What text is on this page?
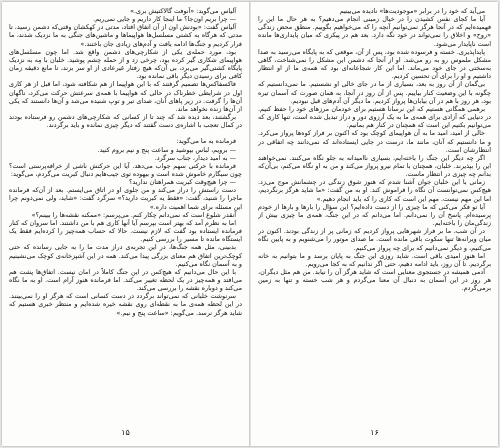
آلیاس می‌گوید: «آنوفت گالاکتیش بری.»

— چرا بریم اون‌جا؟ ما اینجا کار داریم و جایی نمی‌ریم.

آلیاس گفت: «بودنش اون از آن اتفاق افتاد، مدتی در کهکشان وقتی‌که دشمن رسید، تا مدتی که هرگاه به کشتی مسلسل‌ها هواپیماها و ماشین‌های جنگی به ما نزدیک شدند، ما فرار کردیم و جنگ‌ها ادامه یافت و آدم‌های زیادی جان باختند.»

بود، مورد حمله‌ی یکی از شکارچی‌های دشمن واقع شد. اما چون مسلسل‌های هواپیمای شکاری گیر کرده بود، چرخی زد و از حمله چشم پوشید. خلبان با مِه به نزدیک پایگاه کشتی‌گیر می‌برد، بی آن‌که هیچ رفتار غیرعادی از او سر بزند، تا مانع دقیقه زمان کافی برای رسیدن دیگر باقی نمانده بود.

فاکسفاکس‌ها تصمیم گرفتند که با این هواپیما از هم شکافته شود، اما قبل از هر کاری اول در شرایطی خطرناک در حالی که هواپیما با همه‌ی سرعتش حرکت می‌کرد، ناگهان آن‌ها را گرفت. در زیر پاهای آنان، صدای تیر و توپ شنیده می‌شد و آن‌ها دانستند که یکی از آن‌ها زنده نخواهد ماند.

برگشتند، بعد دیده شد که چند تا از کسانی که شکارچی‌های دشمن رو فرستاده بودند در کمال تعجب با اشاره‌ی دست گفتند که دیگر چیزی نمانده و باید برگردند.

فرمانده به ما می‌گوید:

— برویم، لباس بپوشید و ساعت پنج و نیم بروم کنید.

— به امید دیدار، جناب سرگرد.

فرمانده با حرکتی سهم جواب می‌دهد. آیا این حرکتش ناشی از خرافه‌پرستی است؟ چون سیگارم خاموش شده است و بیهوده توی جیب‌هایم دنبال کبریت می‌گردم، می‌گوید:

— چرا هیچ‌وقت کبریت همراهتان ندارید؟

دست راستش را دراز می‌کند و من جلوی او در اتاق می‌ایستم. بعد از آن‌که فرمانده ماجرا را شنید، گفت: «فقط یه کبریت دارید؟» سرگرد گفت: «شاید، ولی نمی‌دونم چرا این مسئله برای شما اهمیت داره.»

آنقدر شلوغ است که نمی‌دانم چکار کنم. می‌پرسم: «ممکنه نقشه‌ها را ببینم؟»

اما به نظرم آمد که بهتر است بپرسم آیا آنها کاری هم با من داشتند. اما سروان که کنار فرمانده ایستاده بود گفت که لازم نیست. حالا که حساب همه‌چیز را کرده‌ایم فقط یک ایستگاه مانده تا مسیر را بررسی کنیم.

بدبینی، مثل همه جنگ‌ها، در این تجربه‌ی دراز مدت ما را به جایی رسانده که حتی کوچک‌ترین اتفاق هم معنای بزرگی پیدا می‌کند. همه در این آشپزخانه‌ی کوچک می‌نشینیم و به آسمان نگاه می‌کنیم.

با این حال می‌دانیم که هیچ‌کس در این جنگ کاملاً در امان نیست. اتفاق‌ها پشت هم می‌افتد و همه‌چیز در یک لحظه تغییر می‌کند. اما فرمانده هنوز آرام است. او به ما نگاه می‌کند و دوباره نقشه را بررسی می‌کند.

سرنوشت خلبانی که نمی‌تواند برگردد در دست کسانی است که هرگز او را نمی‌بینند. در این لحظه همه‌ی ما به نقطه‌ای روی نقشه خیره شده‌ایم و منتظر خبری هستیم که شاید هرگز نرسد. می‌گویم: «ساعت پنج و نیم.»

۱۵

می‌آید که خود را در برابر «موجودیت‌ها» نادیده می‌بینیم

آیا ما کجای نفس کشیدن را در خیال زمینی انجام می‌دهیم؟ به هر حال ما این را فهمیده‌ایم که در آنجا هرگز نمی‌توانیم آنچه را که می‌خواهیم بگوییم. منطق محض زندگی «روح» و اخلاق را نمی‌تواند در خود نگه دارد. بعد هم در پیکری که میان پایداری‌ها مانده است ناپایدار می‌شود.

پایداپذیری. خسته و فرسوده شده بود، پس از آن، موقعی که به پایگاه می‌رسید به صدا مشکل ملموس رو به رو می‌شد. او از آنجا که دشمن این مشکل را نمی‌شناخت، گاهی به‌سختی در جای خود می‌ماند. اما این کار شجاعانه‌ای بود که همه‌ی ما از او انتظار داشتیم و او را برای آن تحسین کردیم.

بی‌گمان از آن روز به بعد، بسیاری از ما در جای خالی او نشستیم. ما نمی‌دانستیم که چگونه با این وضعیت کنار بیاییم. پس از آن روز در آنجا، به همان صورت که آسمان تیره بود، هر روز با هم در آن بیابان‌ها پرواز کردیم. ما دیگر آن آدم‌های قبل نبودیم.

برهمی همگانی هستیم که این نرسانا هستیم برای خودمان مرزهای خود را حفظ کنیم. در دنیایی که آزادی برای همه‌ی ما به یک آرزوی دور و دراز تبدیل شده است، تنها کاری که می‌توانیم بکنیم این است که همچنان در کنار هم بمانیم.

خالی از امید، امید ما به آن هواپیمای کوچک بود که اکنون بر فراز کوه‌ها پرواز می‌کرد. و ما دانستیم که آنان، مانند ما، درست در جایی ایستاده‌اند که نمی‌دانند چه اتفاقی در انتظارشان است.

اگر چه دیگر این جنگ را باخته‌ایم، بسیاری ناامیدانه به جلو نگاه می‌کنند. نمی‌خواهند این را بپذیرند. خلبان، همچنان با تمام نیرو پرواز می‌کند و من به او نگاه می‌کنم، بی‌آن‌که بدانم چه چیزی در انتظار ماست.

زمانی با این خلبان جوان آشنا شدم که هنوز شوق زندگی در چشمانش موج می‌زد. هیچ‌کس نمی‌توانست آن نگاه را فراموش کند. او به من گفت: «ما شاید هرگز برنگردیم، اما این مهم نیست. مهم این است که کاری را که باید انجام دهیم.»

آیا تو فکر می‌کنی که ما چیزی را از دست داده‌ایم؟ این سؤال را بارها و بارها از خودم پرسیده‌ام. پاسخ آن را نمی‌دانم. اما می‌دانم که در این جنگ، همه‌ی ما چیزی بیش از زندگی‌مان را باخته‌ایم.

در آن شب، ما بر فراز شهرهایی پرواز کردیم که زمانی پر از زندگی بودند. اکنون در میان ویرانه‌ها تنها سکوت باقی مانده است. ما صدای موتور را می‌شنویم و به پایین نگاه می‌کنیم، و دیگر نمی‌دانیم که برای چه پرواز می‌کنیم.

اما هنوز امیدی باقی است. شاید روزی این جنگ به پایان برسد و ما بتوانیم به خانه برگردیم. تا آن روز، باید ادامه دهیم، حتی اگر ندانیم که به کجا می‌رویم.

آدمی همیشه در جستجوی معنایی است که شاید هرگز آن را نیابد. من هم مثل دیگران، هر روز در این آسمان به دنبال آن معنا می‌گردم و هر شب خسته و تنها به زمین برمی‌گردم.

۱۶
